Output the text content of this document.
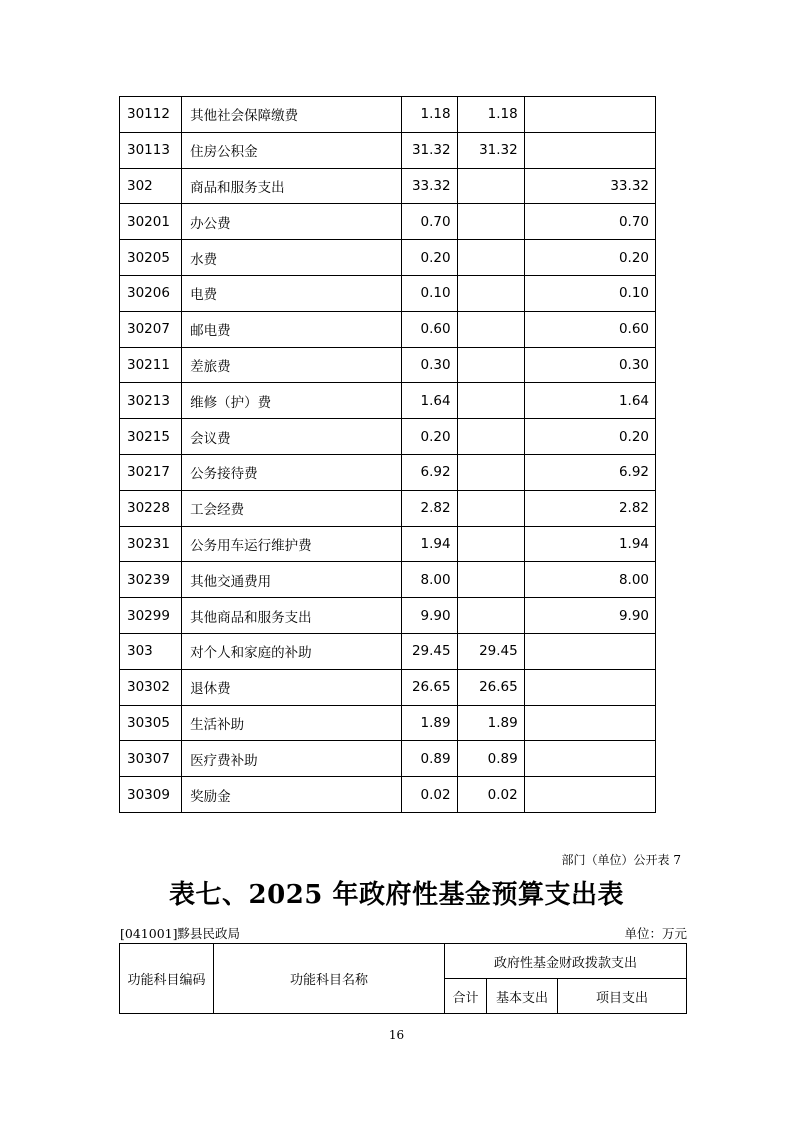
30112	其他社会保障缴费	1.18	1.18	
30113	住房公积金	31.32	31.32	
302	商品和服务支出	33.32		33.32
30201	办公费	0.70		0.70
30205	水费	0.20		0.20
30206	电费	0.10		0.10
30207	邮电费	0.60		0.60
30211	差旅费	0.30		0.30
30213	维修（护）费	1.64		1.64
30215	会议费	0.20		0.20
30217	公务接待费	6.92		6.92
30228	工会经费	2.82		2.82
30231	公务用车运行维护费	1.94		1.94
30239	其他交通费用	8.00		8.00
30299	其他商品和服务支出	9.90		9.90
303	对个人和家庭的补助	29.45	29.45	
30302	退休费	26.65	26.65	
30305	生活补助	1.89	1.89	
30307	医疗费补助	0.89	0.89	
30309	奖励金	0.02	0.02	
部门（单位）公开表 7
表七、2025 年政府性基金预算支出表
[041001]黟县民政局	单位：万元
功能科目编码	功能科目名称	政府性基金财政拨款支出		
		合计	基本支出	项目支出
16
